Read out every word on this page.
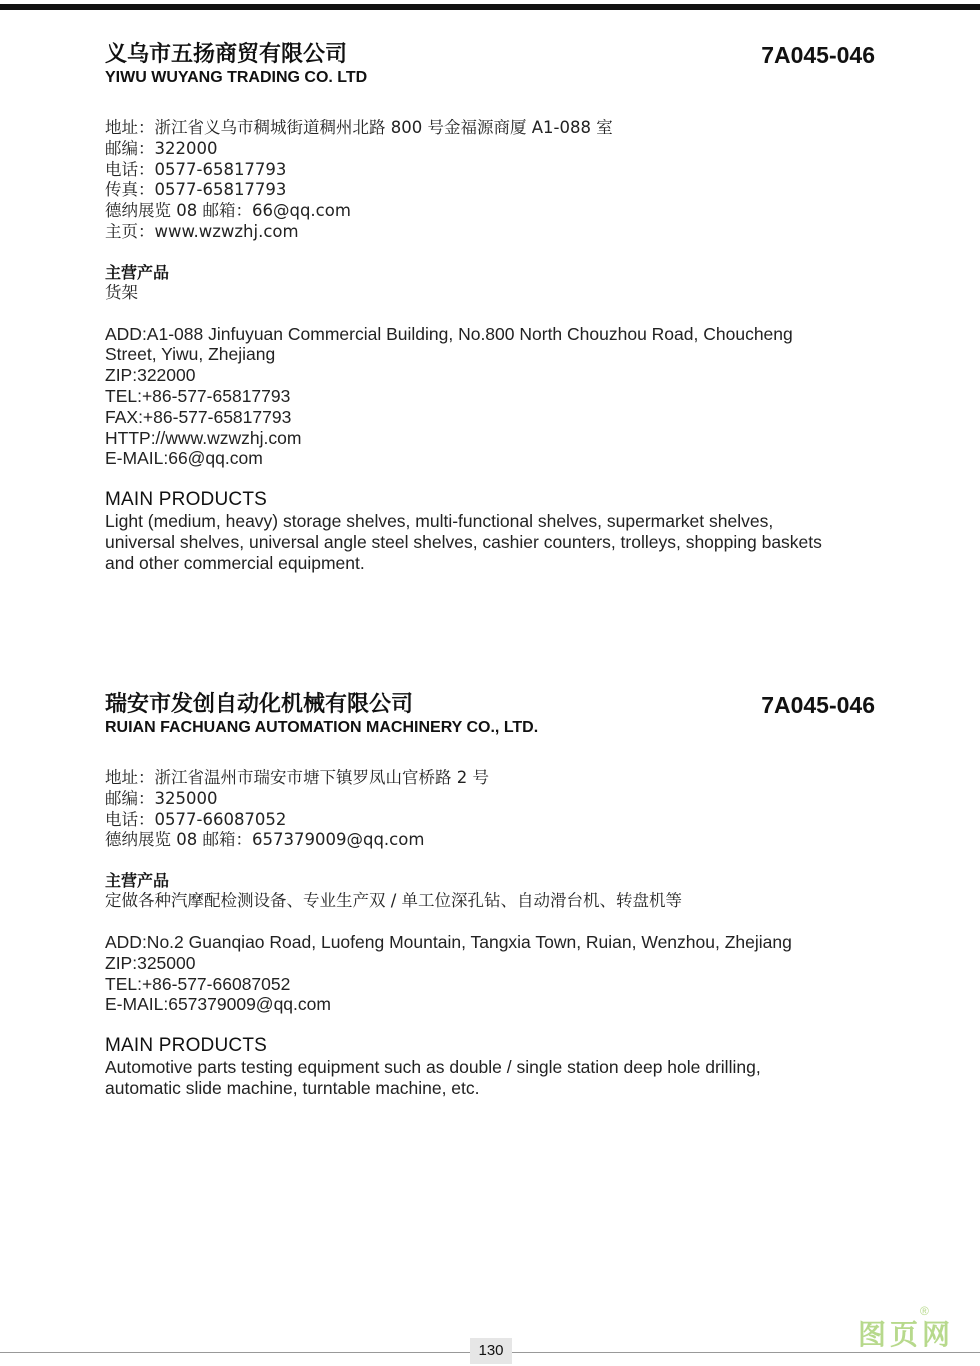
义乌市五扬商贸有限公司	7A045-046
YIWU WUYANG TRADING CO. LTD
地址：浙江省义乌市稠城街道稠州北路 800 号金福源商厦 A1-088 室
邮编：322000
电话：0577-65817793
传真：0577-65817793
德纳展览 08 邮箱：66@qq.com
主页：www.wzwzhj.com
主营产品
货架
ADD:A1-088 Jinfuyuan Commercial Building, No.800 North Chouzhou Road, Choucheng
Street, Yiwu, Zhejiang
ZIP:322000
TEL:+86-577-65817793
FAX:+86-577-65817793
HTTP://www.wzwzhj.com
E-MAIL:66@qq.com
MAIN PRODUCTS
Light (medium, heavy) storage shelves, multi-functional shelves, supermarket shelves,
universal shelves, universal angle steel shelves, cashier counters, trolleys, shopping baskets
and other commercial equipment.
瑞安市发创自动化机械有限公司	7A045-046
RUIAN FACHUANG AUTOMATION MACHINERY CO., LTD.
地址：浙江省温州市瑞安市塘下镇罗凤山官桥路 2 号
邮编：325000
电话：0577-66087052
德纳展览 08 邮箱：657379009@qq.com
主营产品
定做各种汽摩配检测设备、专业生产双 / 单工位深孔钻、自动滑台机、转盘机等
ADD:No.2 Guanqiao Road, Luofeng Mountain, Tangxia Town, Ruian, Wenzhou, Zhejiang
ZIP:325000
TEL:+86-577-66087052
E-MAIL:657379009@qq.com
MAIN PRODUCTS
Automotive parts testing equipment such as double / single station deep hole drilling,
automatic slide machine, turntable machine, etc.
130
®
图页网
